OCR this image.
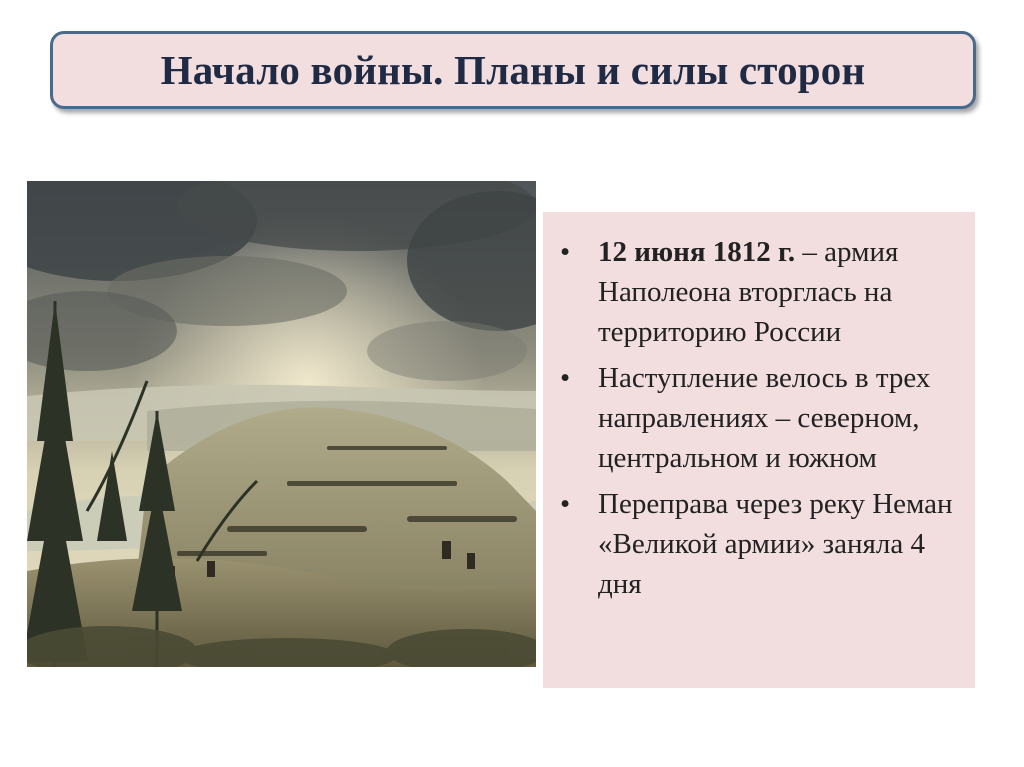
Начало войны. Планы и силы сторон
• 12 июня 1812 г. – армия Наполеона вторглась на территорию России
• Наступление велось в трех направлениях – северном, центральном и южном
• Переправа через реку Неман «Великой армии» заняла 4 дня
